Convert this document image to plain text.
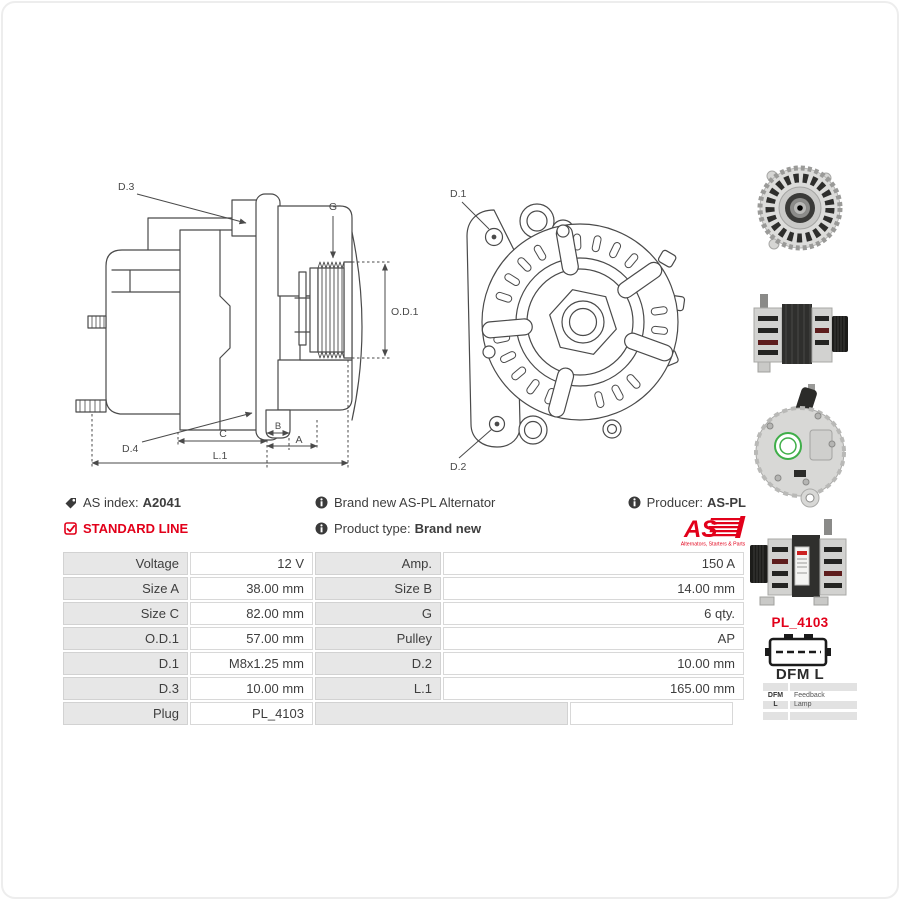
D.3
G
O.D.1
C
B
A
L.1
D.4
D.1
D.2
AS index: A2041	Brand new AS-PL Alternator	Producer: AS-PL
STANDARD LINE	Product type: Brand new	AS
Alternators, Starters & Parts
Voltage	12 V	Amp.	150 A
Size A	38.00 mm	Size B	14.00 mm
Size C	82.00 mm	G	6 qty.
O.D.1	57.00 mm	Pulley	AP
D.1	M8x1.25 mm	D.2	10.00 mm
D.3	10.00 mm	L.1	165.00 mm
Plug	PL_4103
PL_4103
DFM L
DFM	Feedback
L	Lamp
